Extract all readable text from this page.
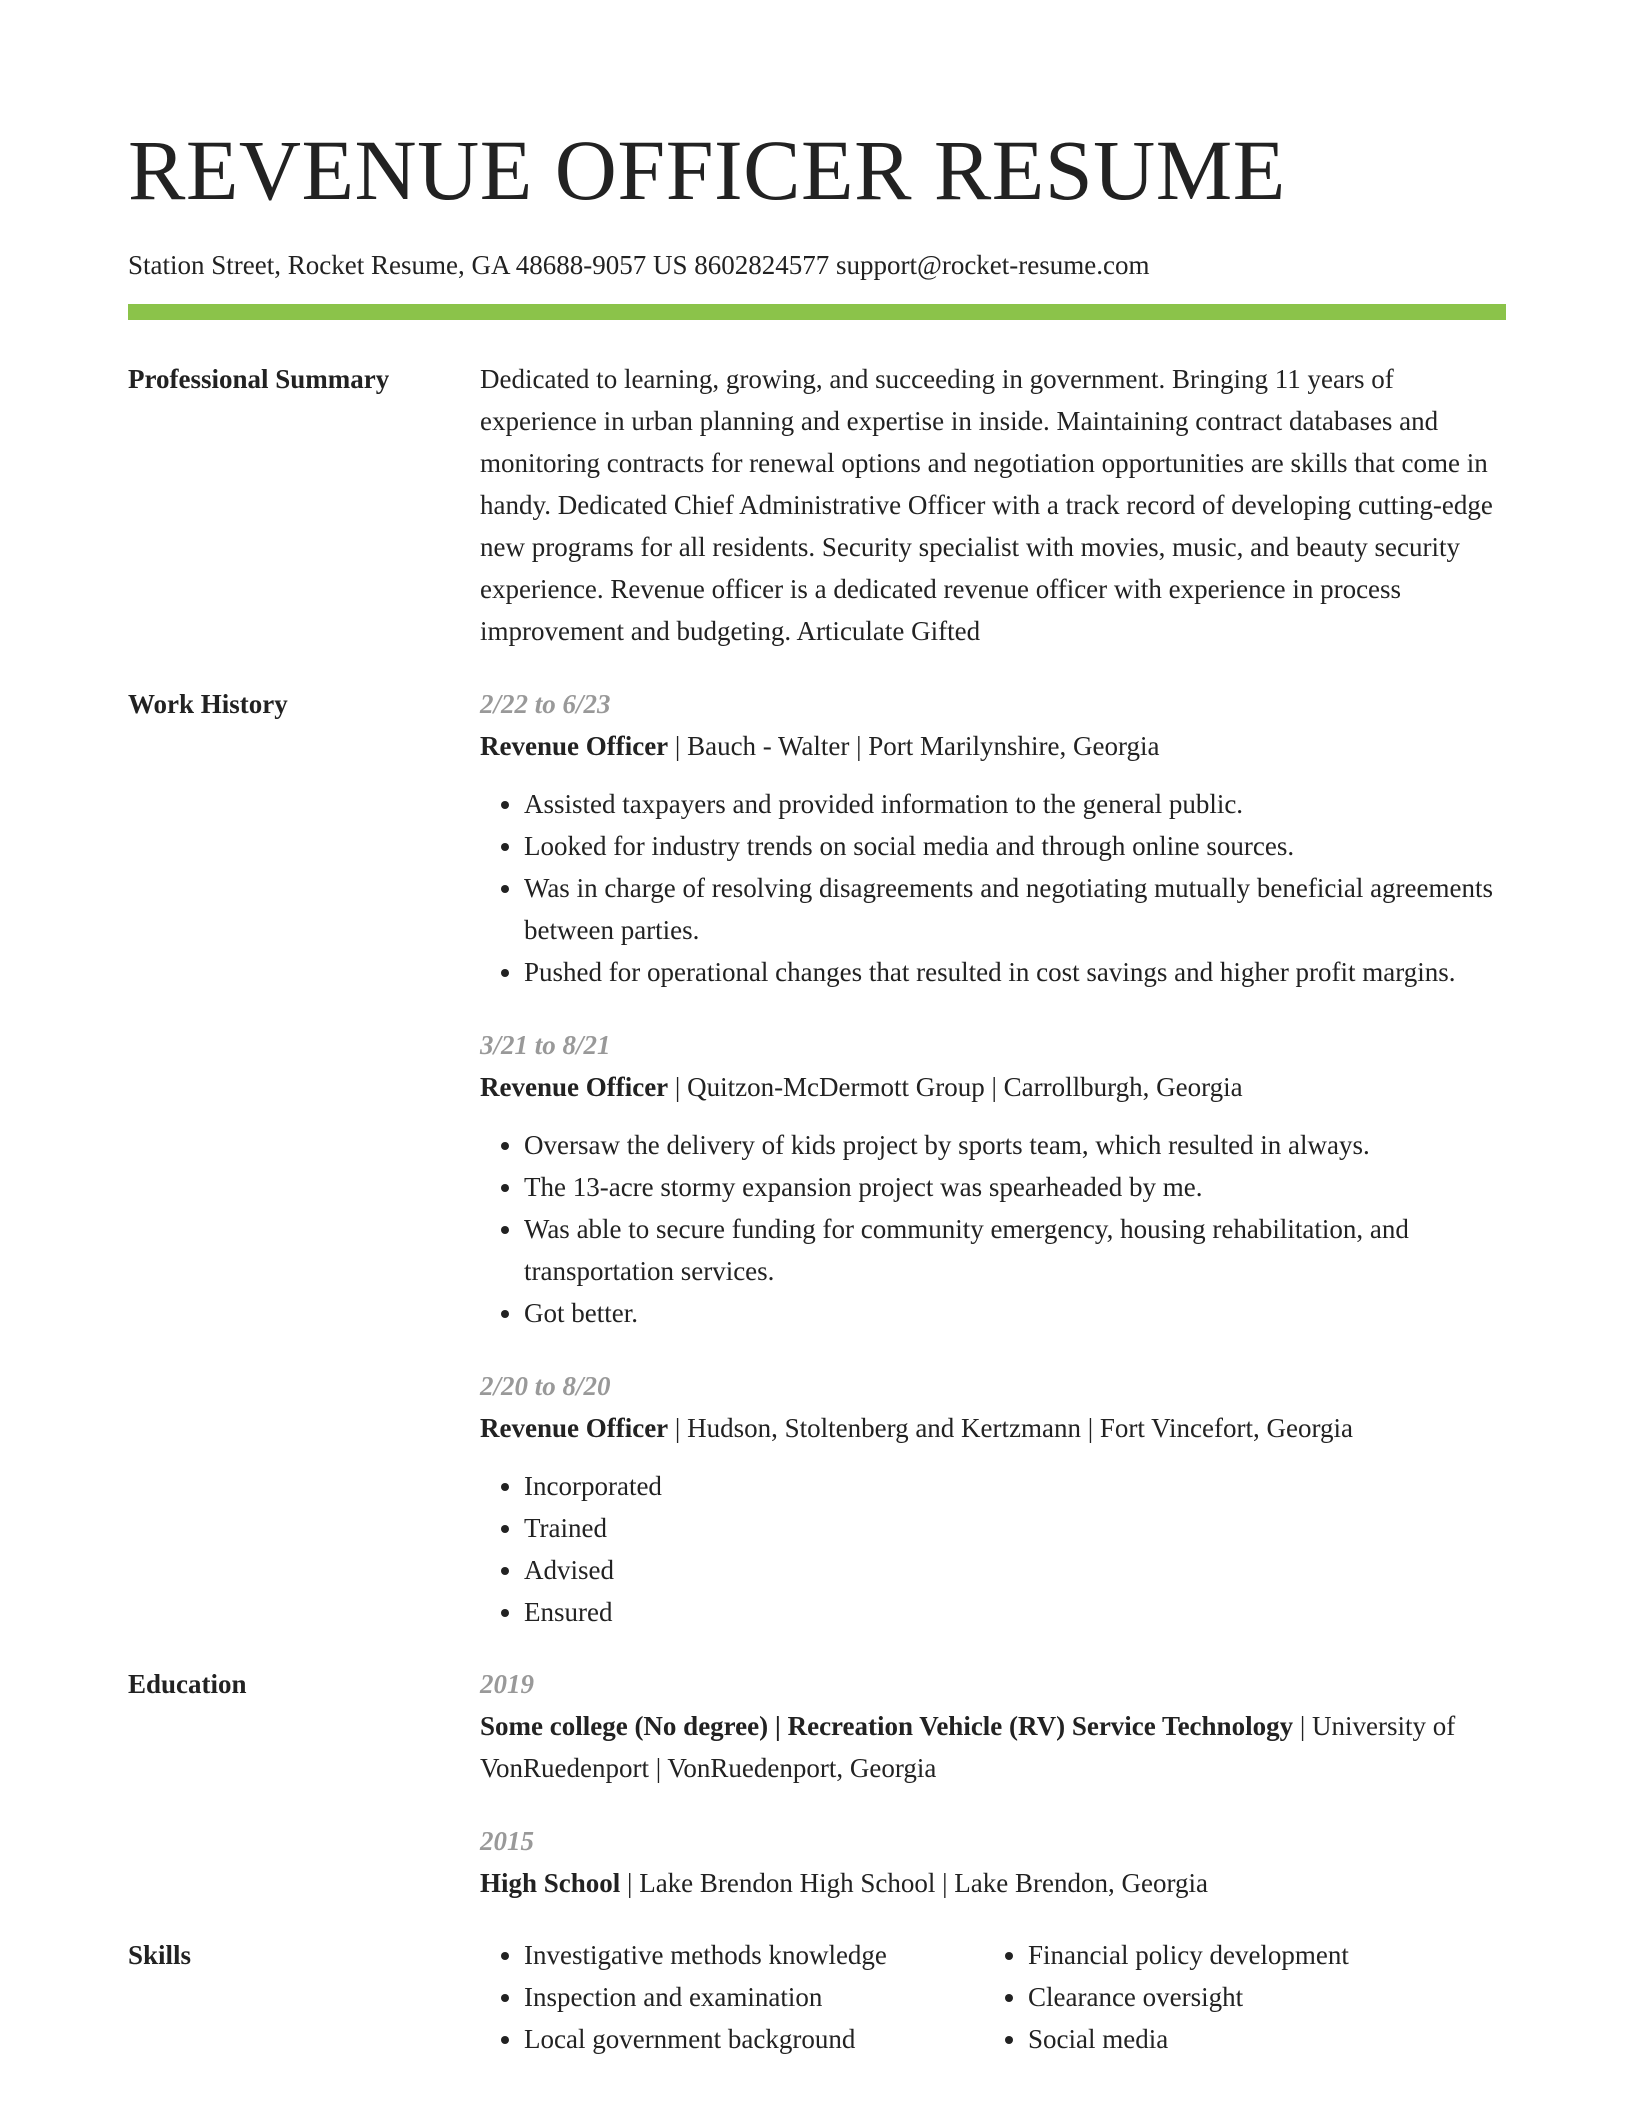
REVENUE OFFICER RESUME
Station Street, Rocket Resume, GA 48688-9057 US 8602824577 support@rocket-resume.com
Professional Summary	Dedicated to learning, growing, and succeeding in government. Bringing 11 years of experience in urban planning and expertise in inside. Maintaining contract databases and monitoring contracts for renewal options and negotiation opportunities are skills that come in handy. Dedicated Chief Administrative Officer with a track record of developing cutting-edge new programs for all residents. Security specialist with movies, music, and beauty security experience. Revenue officer is a dedicated revenue officer with experience in process improvement and budgeting. Articulate Gifted

Work History	2/22 to 6/23
Revenue Officer | Bauch - Walter | Port Marilynshire, Georgia
• Assisted taxpayers and provided information to the general public.
• Looked for industry trends on social media and through online sources.
• Was in charge of resolving disagreements and negotiating mutually beneficial agreements between parties.
• Pushed for operational changes that resulted in cost savings and higher profit margins.
3/21 to 8/21
Revenue Officer | Quitzon-McDermott Group | Carrollburgh, Georgia
• Oversaw the delivery of kids project by sports team, which resulted in always.
• The 13-acre stormy expansion project was spearheaded by me.
• Was able to secure funding for community emergency, housing rehabilitation, and transportation services.
• Got better.
2/20 to 8/20
Revenue Officer | Hudson, Stoltenberg and Kertzmann | Fort Vincefort, Georgia
• Incorporated
• Trained
• Advised
• Ensured
Education	2019
Some college (No degree) | Recreation Vehicle (RV) Service Technology | University of VonRuedenport | VonRuedenport, Georgia
2015
High School | Lake Brendon High School | Lake Brendon, Georgia
Skills
•	Investigative methods knowledge
• Inspection and examination
• Local government background
• Financial policy development
• Clearance oversight
• Social media
